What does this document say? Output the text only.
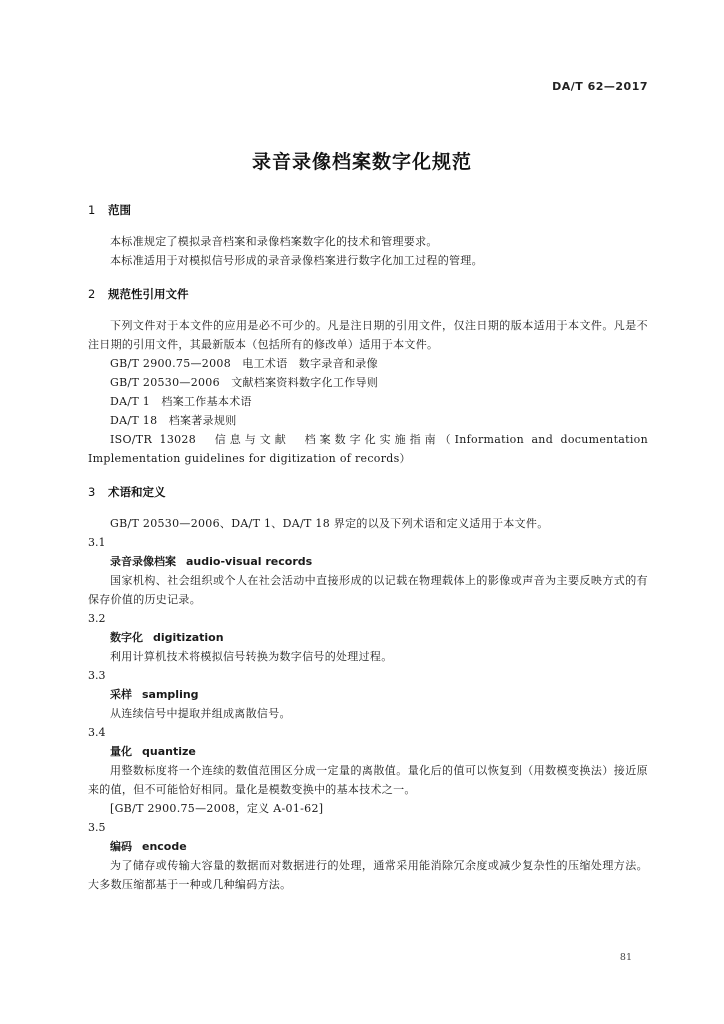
DA/T 62—2017
录音录像档案数字化规范
1 范围

本标准规定了模拟录音档案和录像档案数字化的技术和管理要求。

本标准适用于对模拟信号形成的录音录像档案进行数字化加工过程的管理。

2 规范性引用文件

下列文件对于本文件的应用是必不可少的。凡是注日期的引用文件，仅注日期的版本适用于本文件。凡是不注日期的引用文件，其最新版本（包括所有的修改单）适用于本文件。

GB/T 2900.75—2008　电工术语　数字录音和录像

GB/T 20530—2006　文献档案资料数字化工作导则

DA/T 1　档案工作基本术语

DA/T 18　档案著录规则

ISO/TR 13028　信息与文献　档案数字化实施指南（Information and documentation　Implementation guidelines for digitization of records）

3 术语和定义

GB/T 20530—2006、DA/T 1、DA/T 18 界定的以及下列术语和定义适用于本文件。

3.1

录音录像档案 audio-visual records

国家机构、社会组织或个人在社会活动中直接形成的以记载在物理载体上的影像或声音为主要反映方式的有保存价值的历史记录。

3.2

数字化 digitization

利用计算机技术将模拟信号转换为数字信号的处理过程。

3.3

采样 sampling

从连续信号中提取并组成离散信号。

3.4

量化 quantize

用整数标度将一个连续的数值范围区分成一定量的离散值。量化后的值可以恢复到（用数模变换法）接近原来的值，但不可能恰好相同。量化是模数变换中的基本技术之一。

[GB/T 2900.75—2008，定义 A-01-62]

3.5

编码 encode

为了储存或传输大容量的数据而对数据进行的处理，通常采用能消除冗余度或减少复杂性的压缩处理方法。大多数压缩都基于一种或几种编码方法。

81
